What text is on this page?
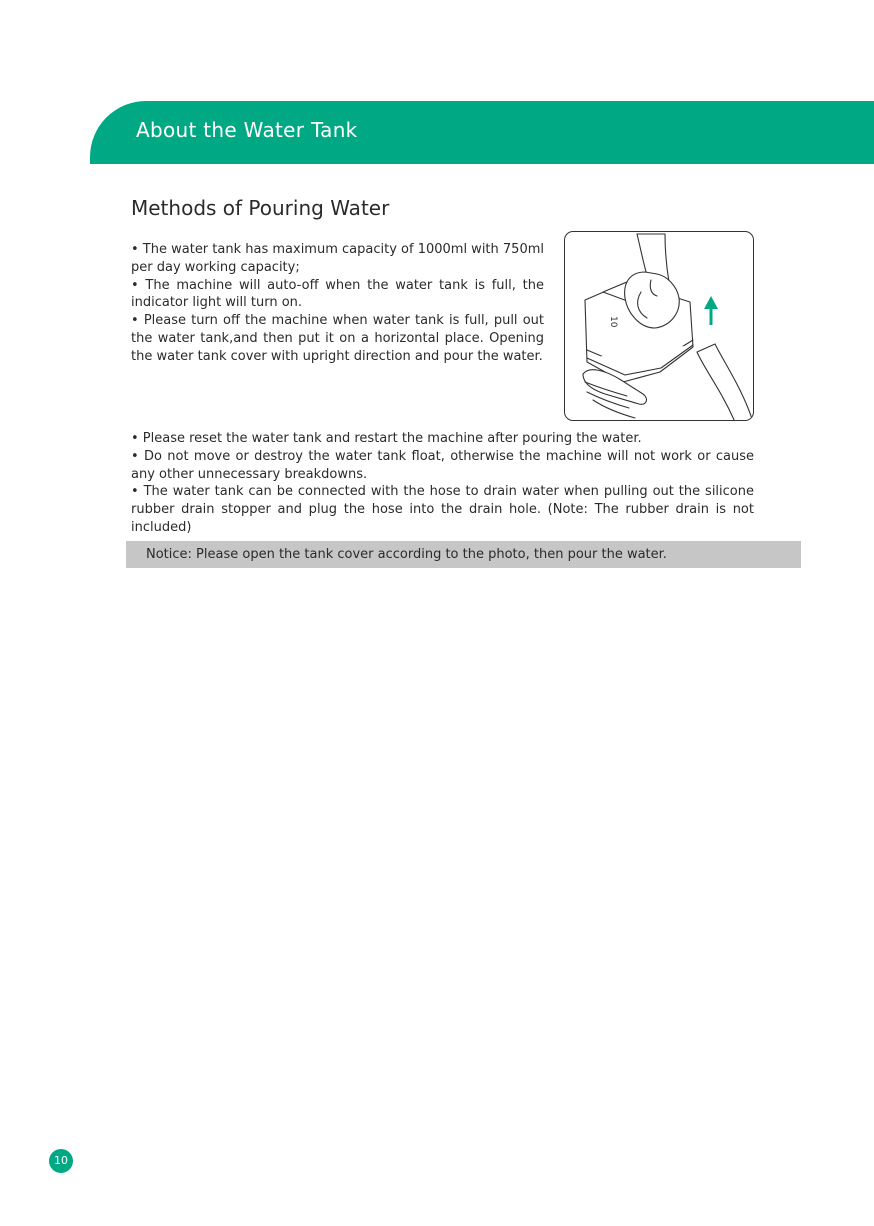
About the Water Tank
Methods of Pouring Water

• The water tank has maximum capacity of 1000ml with 750ml per day working capacity;

• The machine will auto-off when the water tank is full, the indicator light will turn on.

• Please turn off the machine when water tank is full, pull out the water tank,and then put it on a horizontal place. Opening the water tank cover with upright direction and pour the water.

10

• Please reset the water tank and restart the machine after pouring the water.

• Do not move or destroy the water tank float, otherwise the machine will not work or cause any other unnecessary breakdowns.

• The water tank can be connected with the hose to drain water when pulling out the silicone rubber drain stopper and plug the hose into the drain hole. (Note: The rubber drain is not included)

Notice: Please open the tank cover according to the photo, then pour the water.
10
